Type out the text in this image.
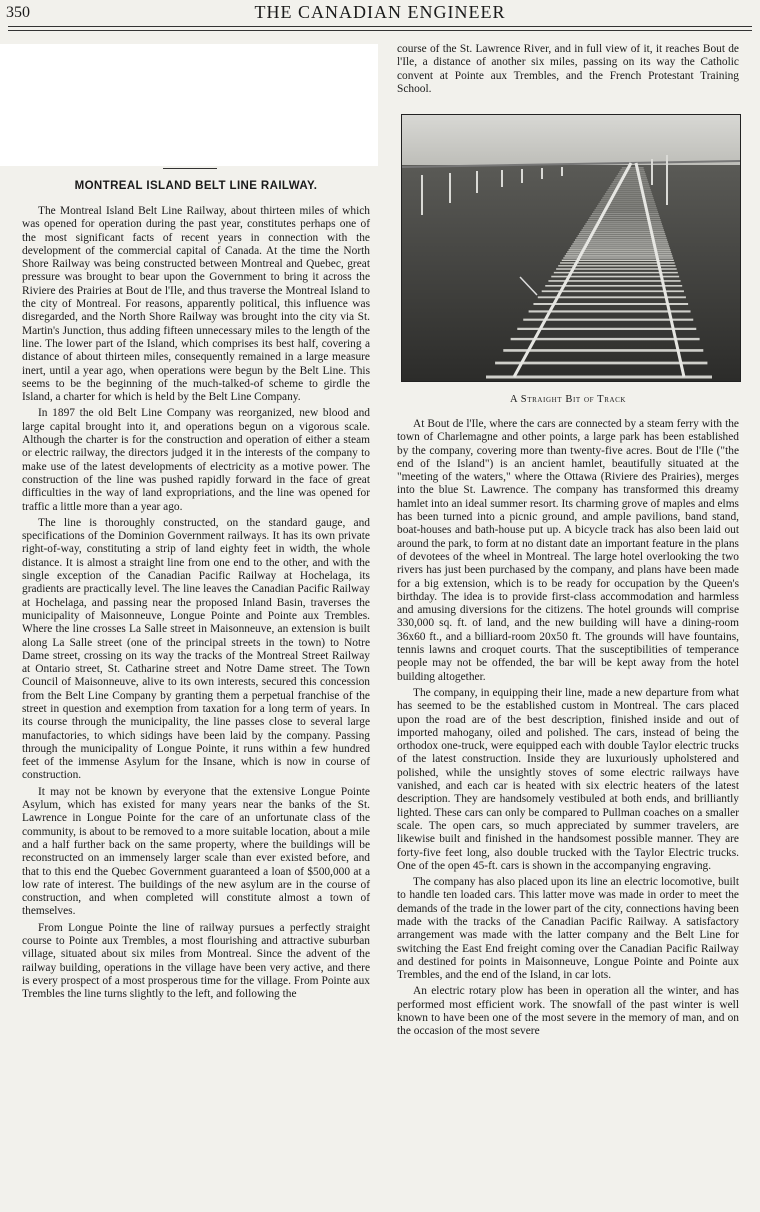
350	THE CANADIAN ENGINEER
MONTREAL ISLAND BELT LINE RAILWAY.

The Montreal Island Belt Line Railway, about thirteen miles of which was opened for operation during the past year, constitutes perhaps one of the most significant facts of recent years in connection with the development of the commercial capital of Canada. At the time the North Shore Railway was being constructed between Montreal and Quebec, great pressure was brought to bear upon the Government to bring it across the Riviere des Prairies at Bout de l'Ile, and thus traverse the Montreal Island to the city of Montreal. For reasons, apparently political, this influence was disregarded, and the North Shore Railway was brought into the city via St. Martin's Junction, thus adding fifteen unnecessary miles to the length of the line. The lower part of the Island, which comprises its best half, covering a distance of about thirteen miles, consequently remained in a large measure inert, until a year ago, when operations were begun by the Belt Line. This seems to be the beginning of the much-talked-of scheme to girdle the Island, a charter for which is held by the Belt Line Company.

In 1897 the old Belt Line Company was reorganized, new blood and large capital brought into it, and operations begun on a vigorous scale. Although the charter is for the construction and operation of either a steam or electric railway, the directors judged it in the interests of the company to make use of the latest developments of electricity as a motive power. The construction of the line was pushed rapidly forward in the face of great difficulties in the way of land expropriations, and the line was opened for traffic a little more than a year ago.

The line is thoroughly constructed, on the standard gauge, and specifications of the Dominion Government railways. It has its own private right-of-way, constituting a strip of land eighty feet in width, the whole distance. It is almost a straight line from one end to the other, and with the single exception of the Canadian Pacific Railway at Hochelaga, its gradients are practically level. The line leaves the Canadian Pacific Railway at Hochelaga, and passing near the proposed Inland Basin, traverses the municipality of Maisonneuve, Longue Pointe and Pointe aux Trembles. Where the line crosses La Salle street in Maisonneuve, an extension is built along La Salle street (one of the principal streets in the town) to Notre Dame street, crossing on its way the tracks of the Montreal Street Railway at Ontario street, St. Catharine street and Notre Dame street. The Town Council of Maisonneuve, alive to its own interests, secured this concession from the Belt Line Company by granting them a perpetual franchise of the street in question and exemption from taxation for a long term of years. In its course through the municipality, the line passes close to several large manufactories, to which sidings have been laid by the company. Passing through the municipality of Longue Pointe, it runs within a few hundred feet of the immense Asylum for the Insane, which is now in course of construction.

It may not be known by everyone that the extensive Longue Pointe Asylum, which has existed for many years near the banks of the St. Lawrence in Longue Pointe for the care of an unfortunate class of the community, is about to be removed to a more suitable location, about a mile and a half further back on the same property, where the buildings will be reconstructed on an immensely larger scale than ever existed before, and that to this end the Quebec Government guaranteed a loan of $500,000 at a low rate of interest. The buildings of the new asylum are in the course of construction, and when completed will constitute almost a town of themselves.

From Longue Pointe the line of railway pursues a perfectly straight course to Pointe aux Trembles, a most flourishing and attractive suburban village, situated about six miles from Montreal. Since the advent of the railway building, operations in the village have been very active, and there is every prospect of a most prosperous time for the village. From Pointe aux Trembles the line turns slightly to the left, and following the

course of the St. Lawrence River, and in full view of it, it reaches Bout de l'Ile, a distance of another six miles, passing on its way the Catholic convent at Pointe aux Trembles, and the French Protestant Training School.

A Straight Bit of Track

At Bout de l'Ile, where the cars are connected by a steam ferry with the town of Charlemagne and other points, a large park has been established by the company, covering more than twenty-five acres. Bout de l'Ile ("the end of the Island") is an ancient hamlet, beautifully situated at the "meeting of the waters," where the Ottawa (Riviere des Prairies), merges into the blue St. Lawrence. The company has transformed this dreamy hamlet into an ideal summer resort. Its charming grove of maples and elms has been turned into a picnic ground, and ample pavilions, band stand, boat-houses and bath-house put up. A bicycle track has also been laid out around the park, to form at no distant date an important feature in the plans of devotees of the wheel in Montreal. The large hotel overlooking the two rivers has just been purchased by the company, and plans have been made for a big extension, which is to be ready for occupation by the Queen's birthday. The idea is to provide first-class accommodation and harmless and amusing diversions for the citizens. The hotel grounds will comprise 330,000 sq. ft. of land, and the new building will have a dining-room 36x60 ft., and a billiard-room 20x50 ft. The grounds will have fountains, tennis lawns and croquet courts. That the susceptibilities of temperance people may not be offended, the bar will be kept away from the hotel building altogether.

The company, in equipping their line, made a new departure from what has seemed to be the established custom in Montreal. The cars placed upon the road are of the best description, finished inside and out of imported mahogany, oiled and polished. The cars, instead of being the orthodox one-truck, were equipped each with double Taylor electric trucks of the latest construction. Inside they are luxuriously upholstered and polished, while the unsightly stoves of some electric railways have vanished, and each car is heated with six electric heaters of the latest description. They are handsomely vestibuled at both ends, and brilliantly lighted. These cars can only be compared to Pullman coaches on a smaller scale. The open cars, so much appreciated by summer travelers, are likewise built and finished in the handsomest possible manner. They are forty-five feet long, also double trucked with the Taylor Electric trucks. One of the open 45-ft. cars is shown in the accompanying engraving.

The company has also placed upon its line an electric locomotive, built to handle ten loaded cars. This latter move was made in order to meet the demands of the trade in the lower part of the city, connections having been made with the tracks of the Canadian Pacific Railway. A satisfactory arrangement was made with the latter company and the Belt Line for switching the East End freight coming over the Canadian Pacific Railway and destined for points in Maisonneuve, Longue Pointe and Pointe aux Trembles, and the end of the Island, in car lots.

An electric rotary plow has been in operation all the winter, and has performed most efficient work. The snowfall of the past winter is well known to have been one of the most severe in the memory of man, and on the occasion of the most severe
